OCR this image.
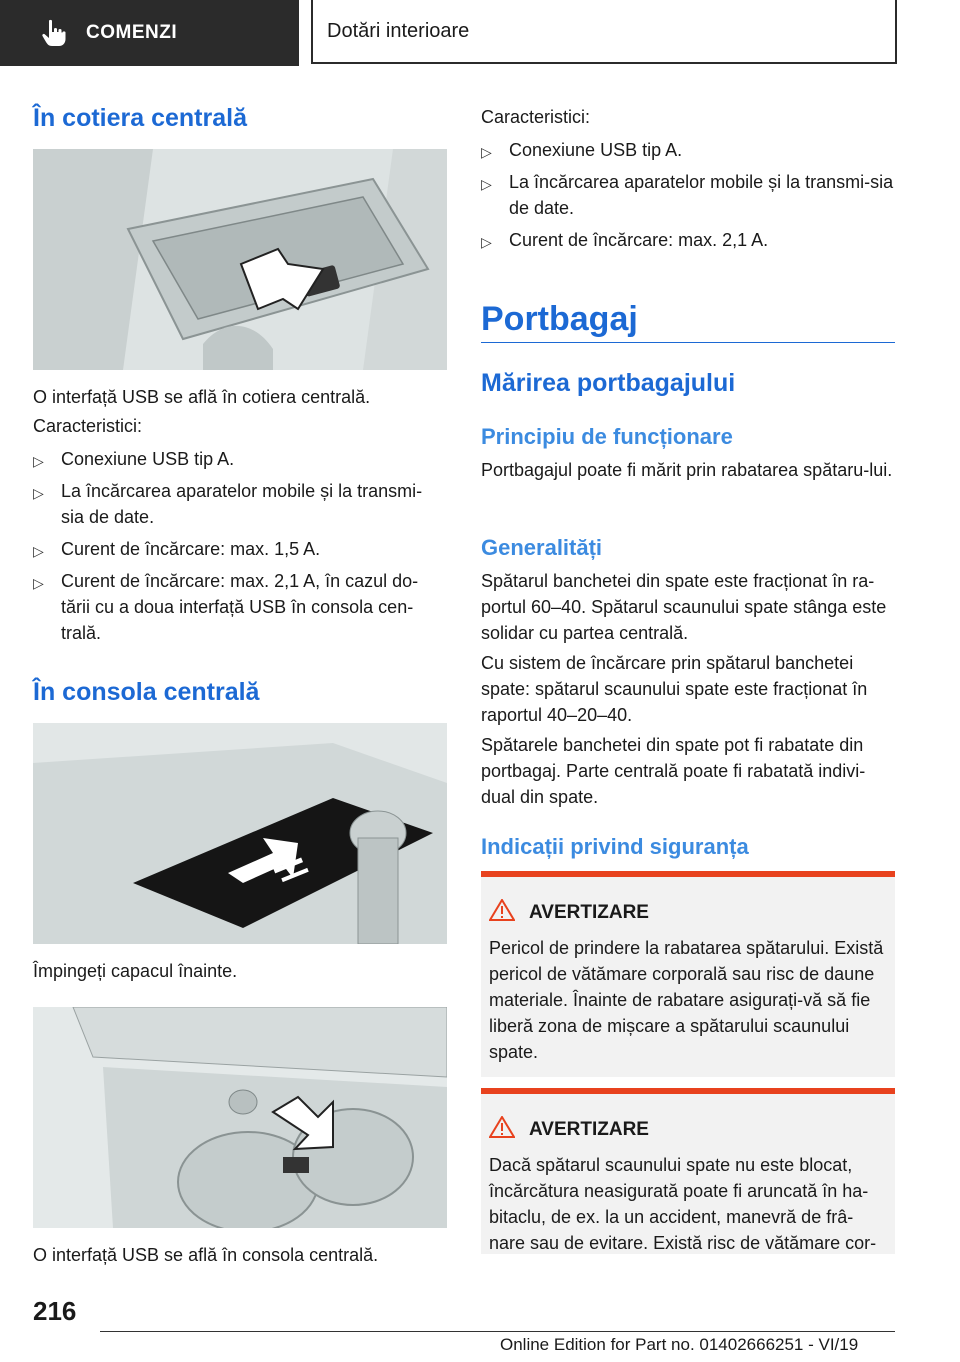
COMENZI	Dotări interioare
În cotiera centrală
O interfață USB se află în cotiera centrală.
Caracteristici:
▷ Conexiune USB tip A.
▷ La încărcarea aparatelor mobile și la transmi‐sia de date.
▷ Curent de încărcare: max. 1,5 A.
▷ Curent de încărcare: max. 2,1 A, în cazul do‐tării cu a doua interfață USB în consola cen‐trală.
În consola centrală
Împingeți capacul înainte.
O interfață USB se află în consola centrală.
Caracteristici:
▷ Conexiune USB tip A.
▷ La încărcarea aparatelor mobile și la transmi‐sia de date.
▷ Curent de încărcare: max. 2,1 A.
Portbagaj
Mărirea portbagajului
Principiu de funcționare
Portbagajul poate fi mărit prin rabatarea spătaru‐lui.
Generalități
Spătarul banchetei din spate este fracționat în ra‐portul 60–40. Spătarul scaunului spate stânga este solidar cu partea centrală.
Cu sistem de încărcare prin spătarul banchetei spate: spătarul scaunului spate este fracționat în raportul 40–20–40.
Spătarele banchetei din spate pot fi rabatate din portbagaj. Parte centrală poate fi rabatată indivi‐dual din spate.
Indicații privind siguranța
AVERTIZARE
Pericol de prindere la rabatarea spătarului. Există pericol de vătămare corporală sau risc de daune materiale. Înainte de rabatare asigurați‐vă să fie liberă zona de mișcare a spătarului scaunului spate.
AVERTIZARE
Dacă spătarul scaunului spate nu este blocat, încărcătura neasigurată poate fi aruncată în ha‐bitaclu, de ex. la un accident, manevră de frâ‐nare sau de evitare. Există risc de vătămare cor‐
216
Online Edition for Part no. 01402666251 - VI/19
